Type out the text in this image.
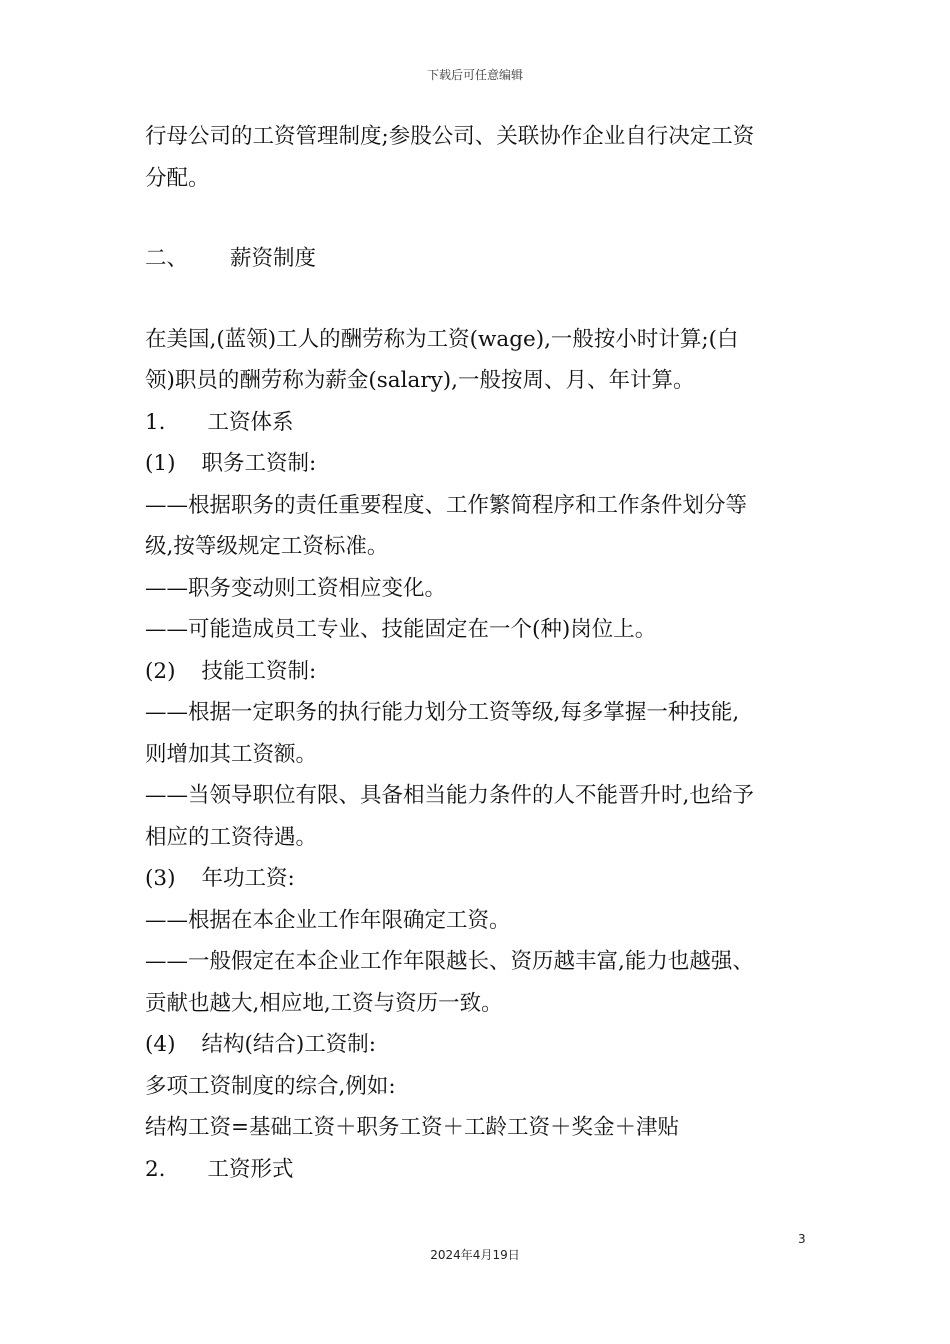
下载后可任意编辑
行母公司的工资管理制度;参股公司、关联协作企业自行决定工资
分配。
二、 薪资制度
在美国,(蓝领)工人的酬劳称为工资(wage),一般按小时计算;(白
领)职员的酬劳称为薪金(salary),一般按周、月、年计算。
1. 工资体系
(1) 职务工资制:
——根据职务的责任重要程度、工作繁简程序和工作条件划分等
级,按等级规定工资标准。
——职务变动则工资相应变化。
——可能造成员工专业、技能固定在一个(种)岗位上。
(2) 技能工资制:
——根据一定职务的执行能力划分工资等级,每多掌握一种技能,
则增加其工资额。
——当领导职位有限、具备相当能力条件的人不能晋升时,也给予
相应的工资待遇。
(3) 年功工资:
——根据在本企业工作年限确定工资。
——一般假定在本企业工作年限越长、资历越丰富,能力也越强、
贡献也越大,相应地,工资与资历一致。
(4) 结构(结合)工资制:
多项工资制度的综合,例如:
结构工资=基础工资＋职务工资＋工龄工资＋奖金＋津贴
2. 工资形式
3
2024年4月19日
